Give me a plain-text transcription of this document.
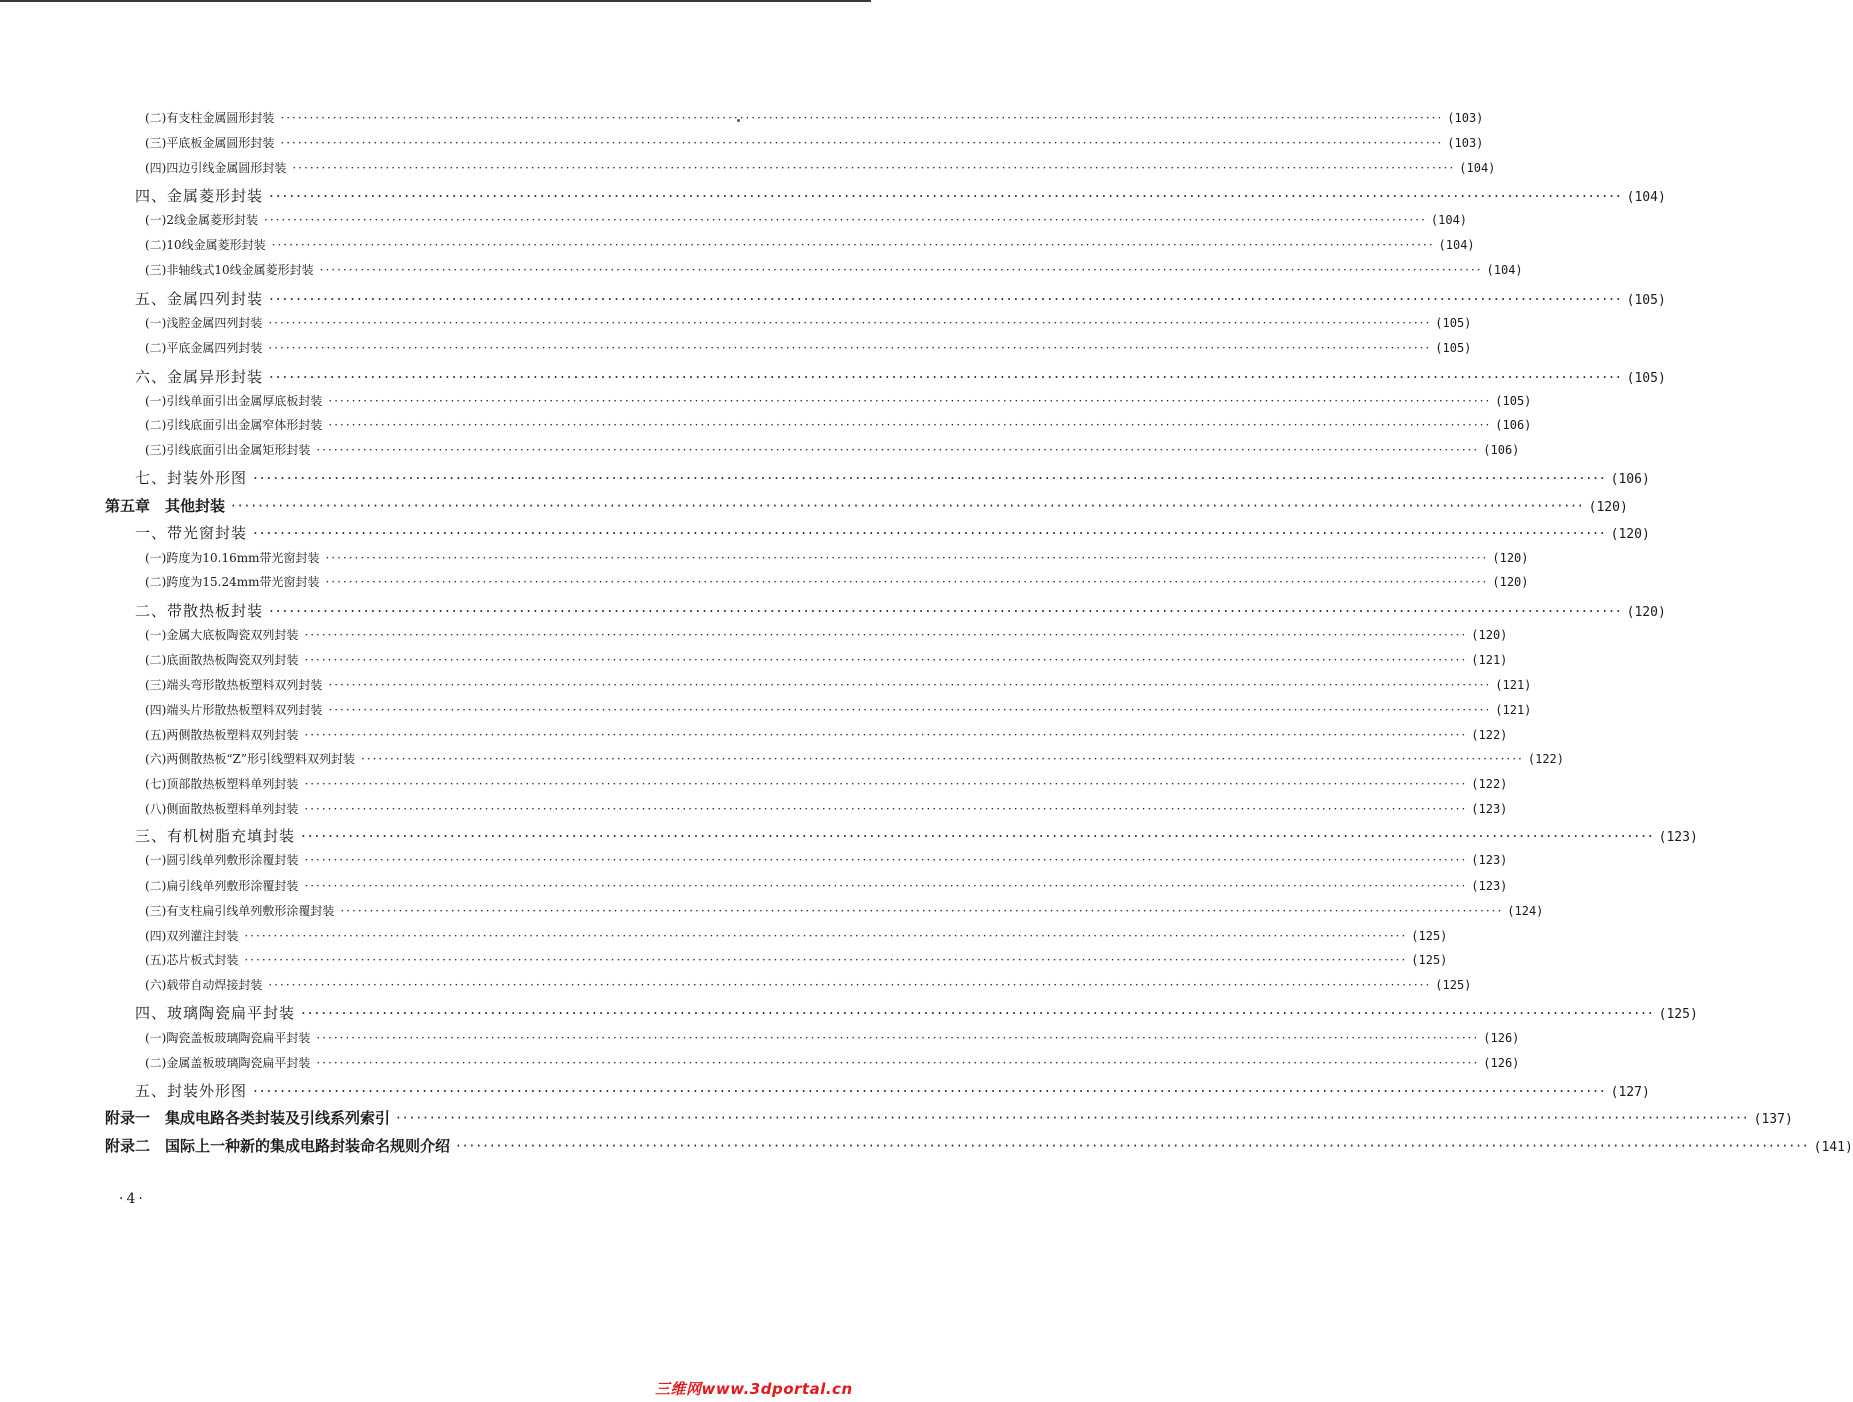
(二)有支柱金属圆形封装 ········································································································································································································ (103)
(三)平底板金属圆形封装 ········································································································································································································ (103)
(四)四边引线金属圆形封装 ········································································································································································································ (104)
四、金属菱形封装 ········································································································································································································ (104)
(一)2线金属菱形封装 ········································································································································································································ (104)
(二)10线金属菱形封装 ········································································································································································································ (104)
(三)非轴线式10线金属菱形封装 ········································································································································································································ (104)
五、金属四列封装 ········································································································································································································ (105)
(一)浅腔金属四列封装 ········································································································································································································ (105)
(二)平底金属四列封装 ········································································································································································································ (105)
六、金属异形封装 ········································································································································································································ (105)
(一)引线单面引出金属厚底板封装 ········································································································································································································ (105)
(二)引线底面引出金属窄体形封装 ········································································································································································································ (106)
(三)引线底面引出金属矩形封装 ········································································································································································································ (106)
七、封装外形图 ········································································································································································································ (106)
第五章　其他封装 ········································································································································································································ (120)
一、带光窗封装 ········································································································································································································ (120)
(一)跨度为10.16mm带光窗封装 ········································································································································································································ (120)
(二)跨度为15.24mm带光窗封装 ········································································································································································································ (120)
二、带散热板封装 ········································································································································································································ (120)
(一)金属大底板陶瓷双列封装 ········································································································································································································ (120)
(二)底面散热板陶瓷双列封装 ········································································································································································································ (121)
(三)端头弯形散热板塑料双列封装 ········································································································································································································ (121)
(四)端头片形散热板塑料双列封装 ········································································································································································································ (121)
(五)两侧散热板塑料双列封装 ········································································································································································································ (122)
(六)两侧散热板“Z”形引线塑料双列封装 ········································································································································································································ (122)
(七)顶部散热板塑料单列封装 ········································································································································································································ (122)
(八)侧面散热板塑料单列封装 ········································································································································································································ (123)
三、有机树脂充填封装 ········································································································································································································ (123)
(一)圆引线单列敷形涂覆封装 ········································································································································································································ (123)
(二)扁引线单列敷形涂覆封装 ········································································································································································································ (123)
(三)有支柱扁引线单列敷形涂覆封装 ········································································································································································································ (124)
(四)双列灌注封装 ········································································································································································································ (125)
(五)芯片板式封装 ········································································································································································································ (125)
(六)载带自动焊接封装 ········································································································································································································ (125)
四、玻璃陶瓷扁平封装 ········································································································································································································ (125)
(一)陶瓷盖板玻璃陶瓷扁平封装 ········································································································································································································ (126)
(二)金属盖板玻璃陶瓷扁平封装 ········································································································································································································ (126)
五、封装外形图 ········································································································································································································ (127)
附录一　集成电路各类封装及引线系列索引 ········································································································································································································ (137)
附录二　国际上一种新的集成电路封装命名规则介绍 ········································································································································································································ (141)
·4·
三维网www.3dportal.cn
